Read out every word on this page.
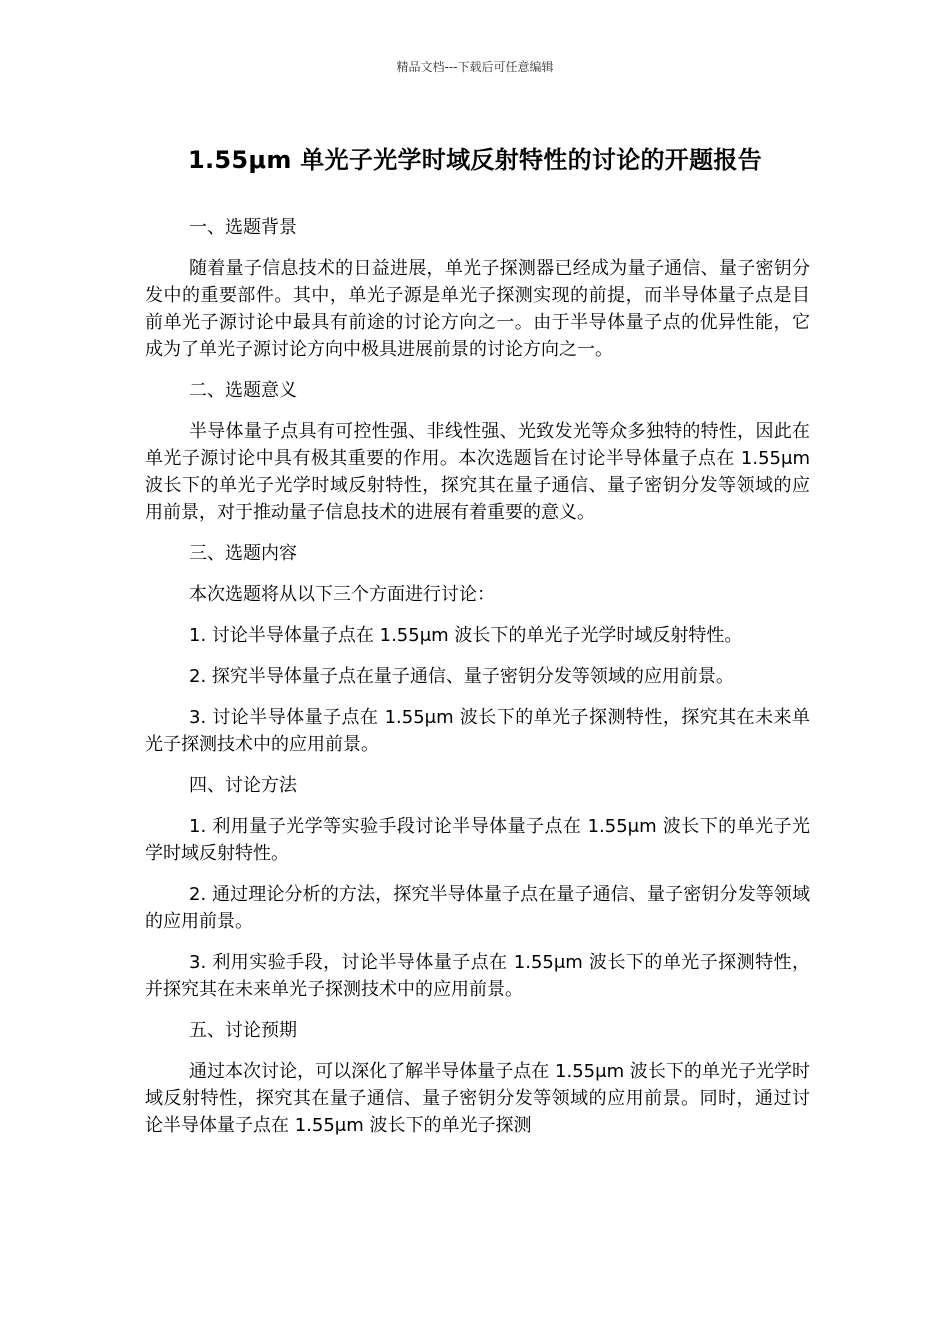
精品文档---下载后可任意编辑
1.55μm 单光子光学时域反射特性的讨论的开题报告
一、选题背景
随着量子信息技术的日益进展，单光子探测器已经成为量子通信、量子密钥分发中的重要部件。其中，单光子源是单光子探测实现的前提，而半导体量子点是目前单光子源讨论中最具有前途的讨论方向之一。由于半导体量子点的优异性能，它成为了单光子源讨论方向中极具进展前景的讨论方向之一。
二、选题意义
半导体量子点具有可控性强、非线性强、光致发光等众多独特的特性，因此在单光子源讨论中具有极其重要的作用。本次选题旨在讨论半导体量子点在 1.55μm 波长下的单光子光学时域反射特性，探究其在量子通信、量子密钥分发等领域的应用前景，对于推动量子信息技术的进展有着重要的意义。
三、选题内容
本次选题将从以下三个方面进行讨论：
1. 讨论半导体量子点在 1.55μm 波长下的单光子光学时域反射特性。
2. 探究半导体量子点在量子通信、量子密钥分发等领域的应用前景。
3. 讨论半导体量子点在 1.55μm 波长下的单光子探测特性，探究其在未来单光子探测技术中的应用前景。
四、讨论方法
1. 利用量子光学等实验手段讨论半导体量子点在 1.55μm 波长下的单光子光学时域反射特性。
2. 通过理论分析的方法，探究半导体量子点在量子通信、量子密钥分发等领域的应用前景。
3. 利用实验手段，讨论半导体量子点在 1.55μm 波长下的单光子探测特性，并探究其在未来单光子探测技术中的应用前景。
五、讨论预期
通过本次讨论，可以深化了解半导体量子点在 1.55μm 波长下的单光子光学时域反射特性，探究其在量子通信、量子密钥分发等领域的应用前景。同时，通过讨论半导体量子点在 1.55μm 波长下的单光子探测
